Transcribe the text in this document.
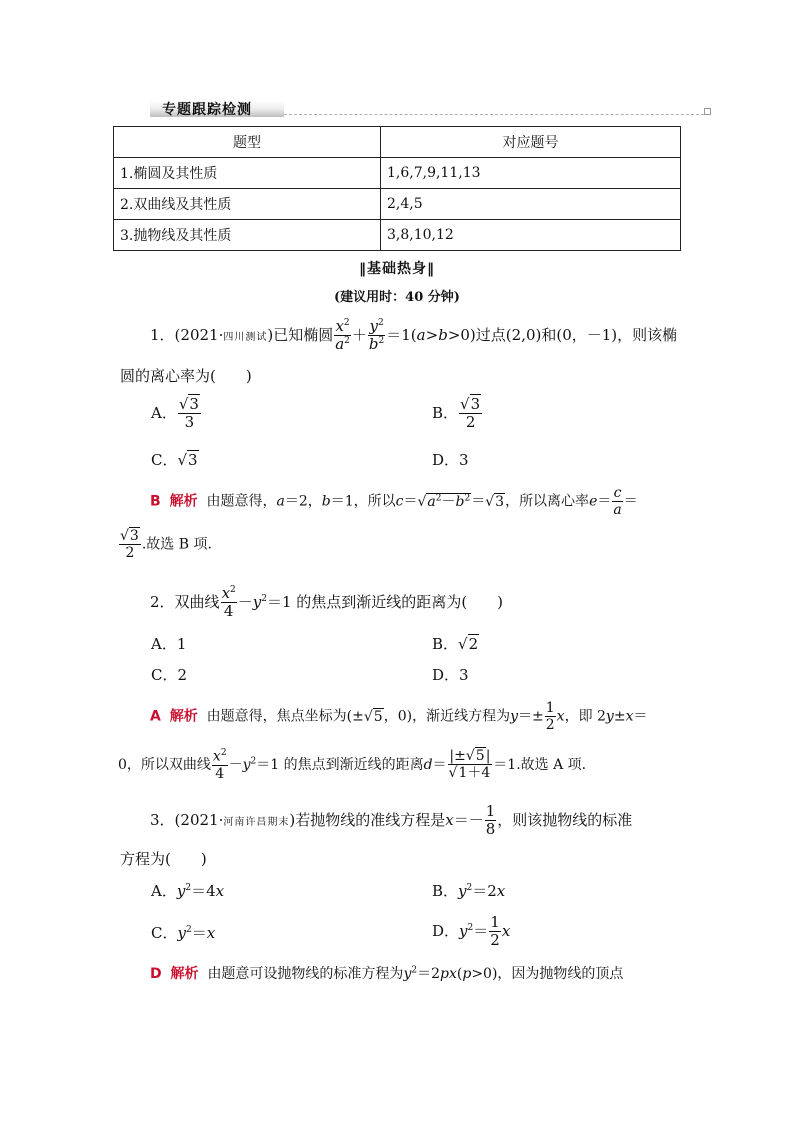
专题跟踪检测
题型	对应题号
1.椭圆及其性质	1,6,7,9,11,13
2.双曲线及其性质	2,4,5
3.抛物线及其性质	3,8,10,12
‖基础热身‖
(建议用时：40 分钟)
1．(2021·四川测试)已知椭圆 $\frac{x^2}{a^2} + \frac{y^2}{b^2} =1(a>b>0)$过点(2,0)和(0，－1)，则该椭
圆的离心率为(　　)
A． $\frac{√3}{3}$	B． $\frac{√3}{2}$
C．√3	D．3
B 解析 由题意得，a＝2，b＝1，所以$c=√a^2-b^2=√3$，所以离心率$e= \frac{c}{a}$ ＝
$\frac{√3}{2}$ .故选 B 项.
2．双曲线 $\frac{x^2}{4} -y^2=1$ 的焦点到渐近线的距离为(　　)
A．1	B．√2
C．2	D．3
A 解析 由题意得，焦点坐标为(±√5，0)，渐近线方程为$y=\pm \frac{1}{2}$ x，即 2y±x＝
0，所以双曲线 $\frac{x^2}{4} -y^2=1$ 的焦点到渐近线的距离$d= \frac{|\pm√5|}{√1+4} =1$.故选 A 项.
3．(2021·河南许昌期末)若抛物线的准线方程是$x=- \frac{1}{8}$ ，则该抛物线的标准
方程为(　　)
A．$y^2=4x$	B．$y^2=2x$
C．$y^2=x$	D．$y^2= \frac{1}{2}$ x
D 解析 由题意可设抛物线的标准方程为$y^2=2px(p>0)$，因为抛物线的顶点
